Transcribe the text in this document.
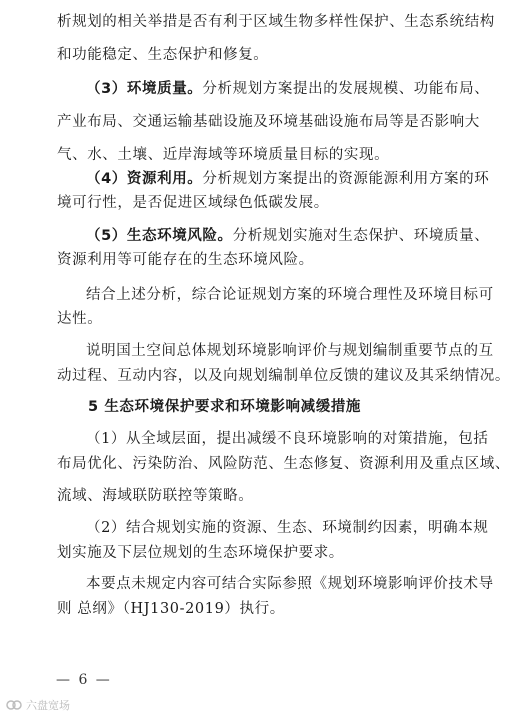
析规划的相关举措是否有利于区域生物多样性保护、生态系统结构
和功能稳定、生态保护和修复。
（3）环境质量。分析规划方案提出的发展规模、功能布局、
产业布局、交通运输基础设施及环境基础设施布局等是否影响大
气、水、土壤、近岸海域等环境质量目标的实现。
（4）资源利用。分析规划方案提出的资源能源利用方案的环
境可行性，是否促进区域绿色低碳发展。
（5）生态环境风险。分析规划实施对生态保护、环境质量、
资源利用等可能存在的生态环境风险。
结合上述分析，综合论证规划方案的环境合理性及环境目标可
达性。
说明国土空间总体规划环境影响评价与规划编制重要节点的互
动过程、互动内容，以及向规划编制单位反馈的建议及其采纳情况。
5 生态环境保护要求和环境影响减缓措施
（1）从全域层面，提出减缓不良环境影响的对策措施，包括
布局优化、污染防治、风险防范、生态修复、资源利用及重点区域、
流域、海域联防联控等策略。
（2）结合规划实施的资源、生态、环境制约因素，明确本规
划实施及下层位规划的生态环境保护要求。
本要点未规定内容可结合实际参照《规划环境影响评价技术导
则 总纲》（HJ130-2019）执行。
— 6 —
六盘宽场
